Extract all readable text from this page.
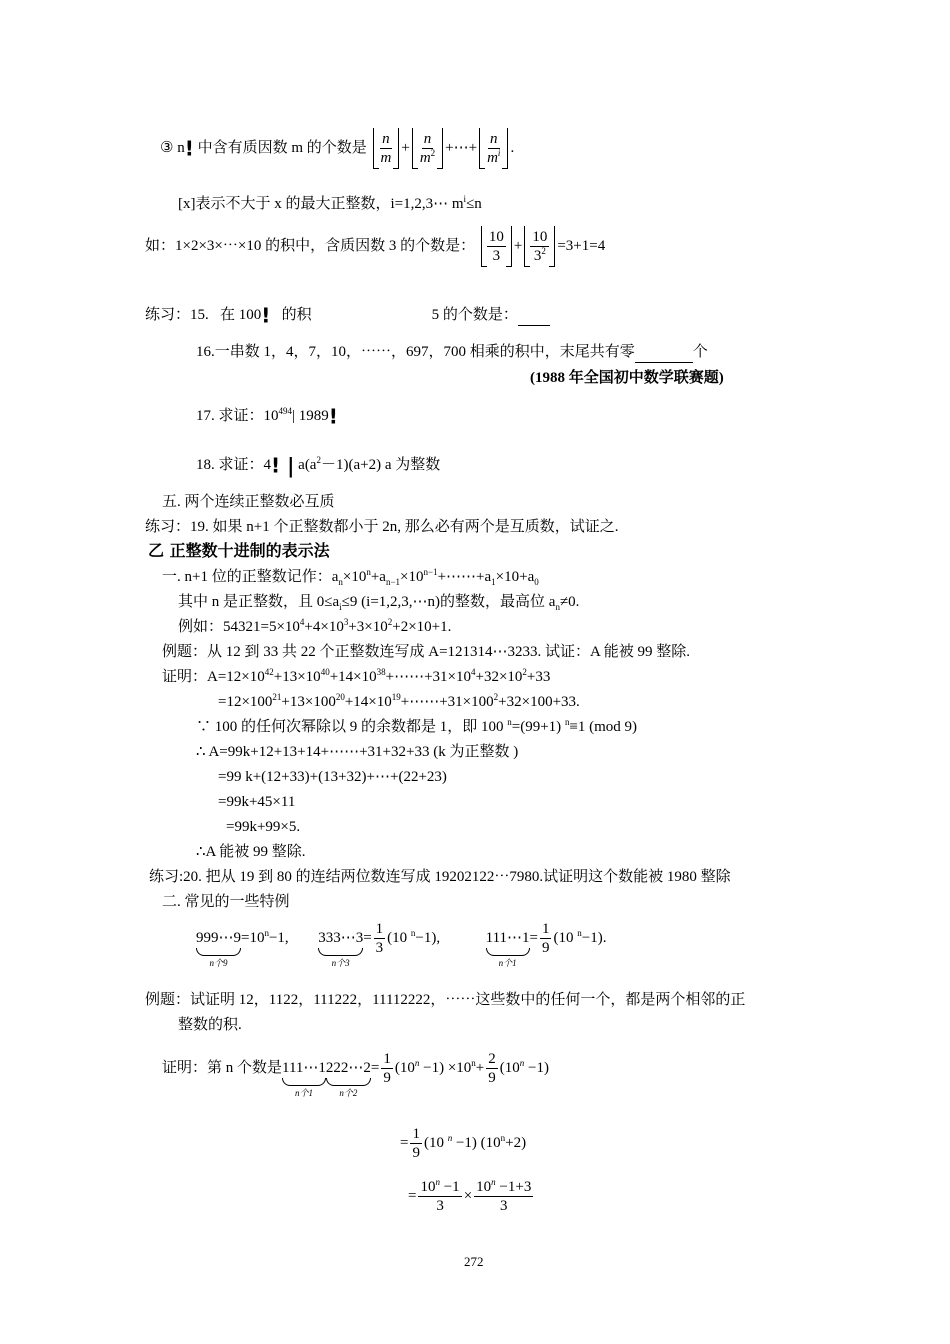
③ n! 中含有质因数 m 的个数是 $\frac{n}{m} + \frac{n}{m^2}$ +⋯+ $\frac{n}{m^i}$ .
[x]表示不大于 x 的最大正整数，i=1,2,3⋯ $m^i\le n$
如：1×2×3×⋯×10 的积中，含质因数 3 的个数是： $\frac{10}{3} + \frac{10}{3^2} =3+1=4$
练习：15. 在 100! 的积	5 的个数是：
16.一串数 1，4，7，10，⋯⋯，697，700 相乘的积中，末尾共有零	个
(1988 年全国初中数学联赛题)
17. 求证：$10^{494}|$ 1989!
18. 求证：4! | $a(a^2-1)(a+2)$ a 为整数
五. 两个连续正整数必互质
练习：19. 如果 n+1 个正整数都小于 2n, 那么必有两个是互质数，试证之.
乙 正整数十进制的表示法
一. n+1 位的正整数记作：$a_n\times 10^n+a_{n-1}\times 10^{n-1}+\cdots\cdots+a_1\times 10+a_0$
其中 n 是正整数，且 $0\le a_i\le 9$ (i=1,2,3,⋯n)的整数，最高位 $a_n\ne 0$.
例如：$54321=5\times 10^4+4\times 10^3+3\times 10^2+2\times 10+1$.
例题：从 12 到 33 共 22 个正整数连写成 A=121314⋯3233. 试证：A 能被 99 整除.
证明：$A=12\times 10^{42}+13\times 10^{40}+14\times 10^{38}+\cdots\cdots+31\times 10^4+32\times 10^2+33$
$=12\times 100^{21}+13\times 100^{20}+14\times 10^{19}+\cdots\cdots+31\times 100^2+32\times 100+33$.
∵ 100 的任何次幂除以 9 的余数都是 1，即 100 $^n$=(99+1) $^n$≡1 (mod 9)
∴ A=99k+12+13+14+⋯⋯+31+32+33 (k 为正整数 )
=99 k+(12+33)+(13+32)+⋯+(22+23)
=99k+45×11
=99k+99×5.
∴A 能被 99 整除.
练习:20. 把从 19 到 80 的连结两位数连写成 19202122⋯7980.试证明这个数能被 1980 整除
二. 常见的一些特例
999⋯9
n个9
$=10^n-1$, 333⋯3
n个3
= $\frac{1}{3} (10$ $^n$−1),	111⋯1
n个1
= $\frac{1}{9} (10$ $^n$−1).
例题：试证明 12，1122，111222，11112222，⋯⋯这些数中的任何一个，都是两个相邻的正
整数的积.
证明：第 n 个数是 111⋯1
n个1
222⋯2
n个2
= $\frac{1}{9} (10^n -1) \times 10^n+ \frac{2}{9} (10^n -1)$
= $\frac{1}{9} (10$ $^n$ −1) $(10^n+2)$
= $\frac{10^n -1}{3} \times \frac{10^n -1+3}{3}$
272
